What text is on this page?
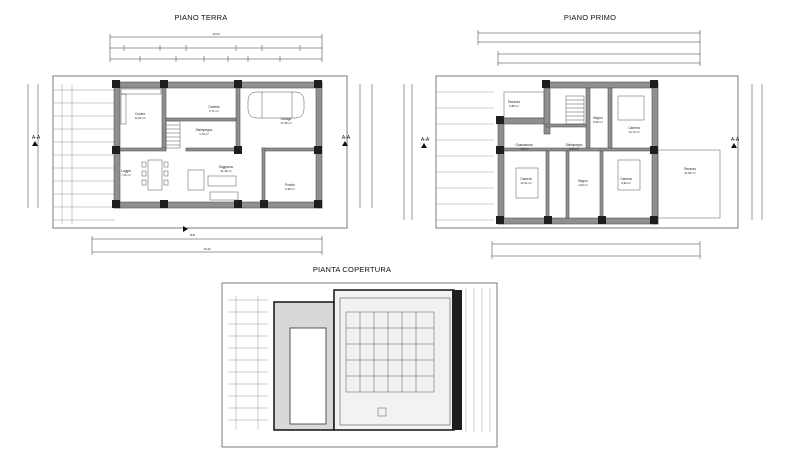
PIANO TERRA	PIANO PRIMO
PIANTA COPERTURA
10,60
Cucina
12,63 m²
Cantina
6,71 m²
Disimpegno
3,70 m²
Garage
17,58 m²
Soggiorno
31,38 m²
Loggia
7,21 m²
Portico
6,38 m²
10,40
A-A	A-A
B-B
Terrazzo
6,88 m²
Bagno
5,66 m²
Camera
14,73 m²
Guardaroba
7,66 m²
Disimpegno
6,09 m²
Camera
13,34 m²	Bagno
4,29 m²
Camera
9,96 m²
Terrazzo
21,86 m²
A-A	A-A
